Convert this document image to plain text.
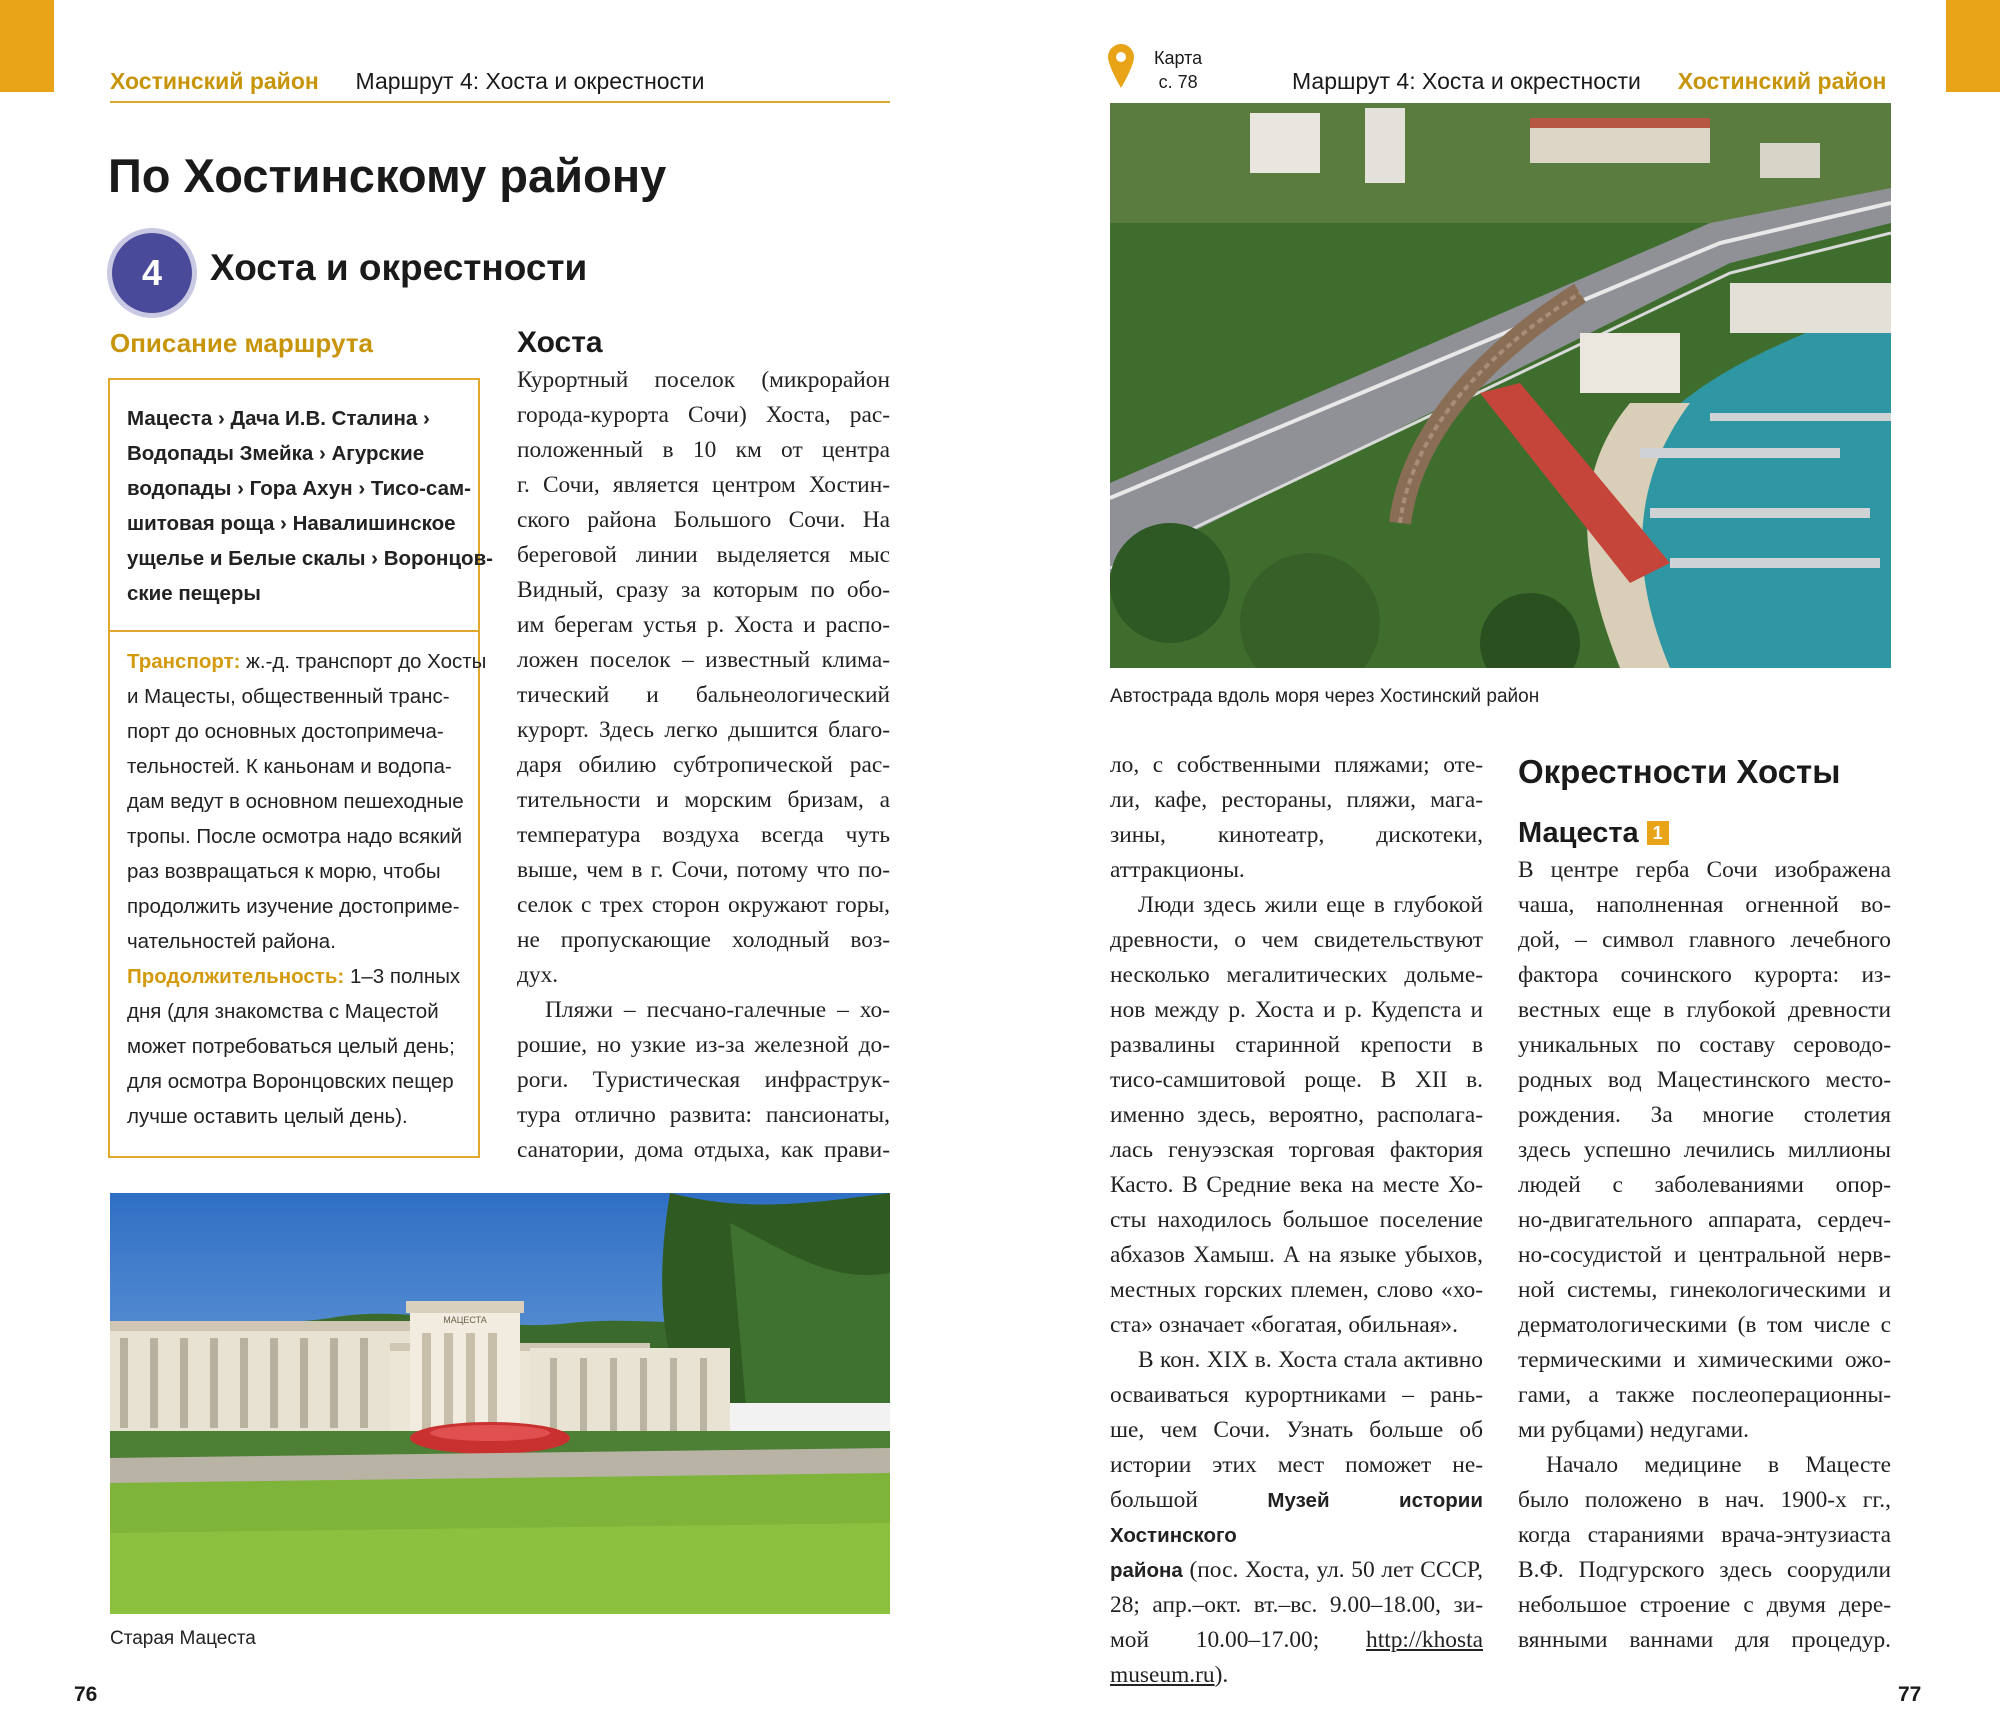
Хостинский район Маршрут 4: Хоста и окрестности
По Хостинскому району
4 Хоста и окрестности
Описание маршрута
Мацеста › Дача И.В. Сталина ›
Водопады Змейка › Агурские
водопады › Гора Ахун › Тисо-сам-
шитовая роща › Навалишинское
ущелье и Белые скалы › Воронцов-
ские пещеры
Транспорт: ж.-д. транспорт до Хосты
и Мацесты, общественный транс-
порт до основных достопримеча-
тельностей. К каньонам и водопа-
дам ведут в основном пешеходные
тропы. После осмотра надо всякий
раз возвращаться к морю, чтобы
продолжить изучение достоприме-
чательностей района.
Продолжительность: 1–3 полных
дня (для знакомства с Мацестой
может потребоваться целый день;
для осмотра Воронцовских пещер
лучше оставить целый день).
Хоста

Курортный поселок (микрорайон

города-курорта Сочи) Хоста, рас-

положенный в 10 км от центра

г. Сочи, является центром Хостин-

ского района Большого Сочи. На

береговой линии выделяется мыс

Видный, сразу за которым по обо-

им берегам устья р. Хоста и распо-

ложен поселок – известный клима-

тический и бальнеологический

курорт. Здесь легко дышится благо-

даря обилию субтропической рас-

тительности и морским бризам, а

температура воздуха всегда чуть

выше, чем в г. Сочи, потому что по-

селок с трех сторон окружают горы,

не пропускающие холодный воз-

дух.

Пляжи – песчано-галечные – хо-

рошие, но узкие из-за железной до-

роги. Туристическая инфраструк-

тура отлично развита: пансионаты,

санатории, дома отдыха, как прави-

МАЦЕСТА
Старая Мацеста
76
Карта
с. 78	Маршрут 4: Хоста и окрестности Хостинский район
Автострада вдоль моря через Хостинский район

ло, с собственными пляжами; оте-

ли, кафе, рестораны, пляжи, мага-

зины, кинотеатр, дискотеки,

аттракционы.

Люди здесь жили еще в глубокой

древности, о чем свидетельствуют

несколько мегалитических дольме-

нов между р. Хоста и р. Кудепста и

развалины старинной крепости в

тисо-самшитовой роще. В XII в.

именно здесь, вероятно, располага-

лась генуэзская торговая фактория

Касто. В Средние века на месте Хо-

сты находилось большое поселение

абхазов Хамыш. А на языке убыхов,

местных горских племен, слово «хо-

ста» означает «богатая, обильная».

В кон. XIX в. Хоста стала активно

осваиваться курортниками – рань-

ше, чем Сочи. Узнать больше об

истории этих мест поможет не-

большой Музей истории Хостинского

района (пос. Хоста, ул. 50 лет СССР,

28; апр.–окт. вт.–вс. 9.00–18.00, зи-

мой 10.00–17.00; http://khosta

museum.ru).

Окрестности Хосты
Мацеста 1

В центре герба Сочи изображена

чаша, наполненная огненной во-

дой, – символ главного лечебного

фактора сочинского курорта: из-

вестных еще в глубокой древности

уникальных по составу сероводо-

родных вод Мацестинского место-

рождения. За многие столетия

здесь успешно лечились миллионы

людей с заболеваниями опор-

но-двигательного аппарата, сердеч-

но-сосудистой и центральной нерв-

ной системы, гинекологическими и

дерматологическими (в том числе с

термическими и химическими ожо-

гами, а также послеоперационны-

ми рубцами) недугами.

Начало медицине в Мацесте

было положено в нач. 1900-х гг.,

когда стараниями врача-энтузиаста

В.Ф. Подгурского здесь соорудили

небольшое строение с двумя дере-

вянными ваннами для процедур.

77
